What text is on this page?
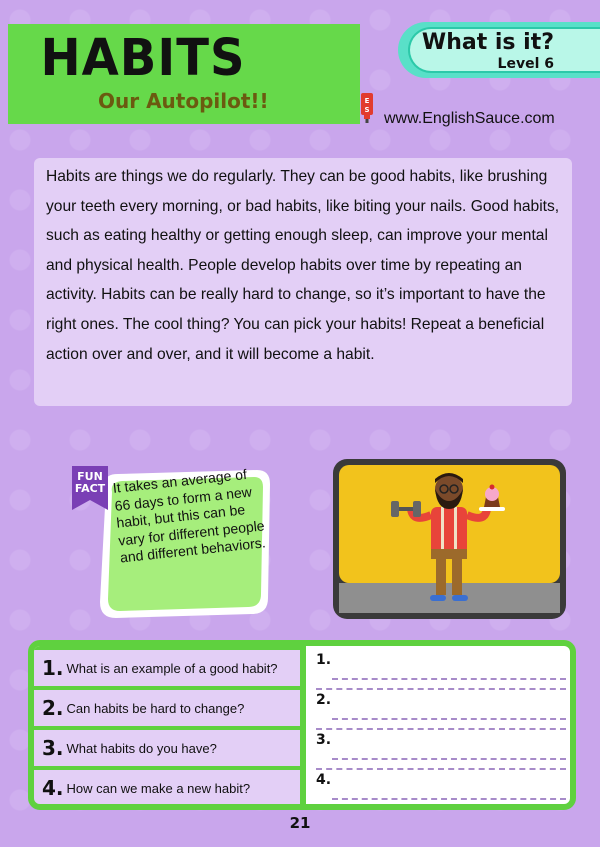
HABITS
Our Autopilot!!
What is it?
Level 6
E
S www.EnglishSauce.com

Habits are things we do regularly. They can be good habits, like brushing your teeth every morning, or bad habits, like biting your nails. Good habits, such as eating healthy or getting enough sleep, can improve your mental and physical health. People develop habits over time by repeating an activity. Habits can be really hard to change, so it’s important to have the right ones. The cool thing? You can pick your habits! Repeat a beneficial action over and over, and it will become a habit.

FUN
FACT It takes an average of 66 days to form a new habit, but this can be vary for different people and different behaviors.
1. What is an example of a good habit?
2. Can habits be hard to change?
3. What habits do you have?
4. How can we make a new habit?
1.
2.
3.
4.
21
